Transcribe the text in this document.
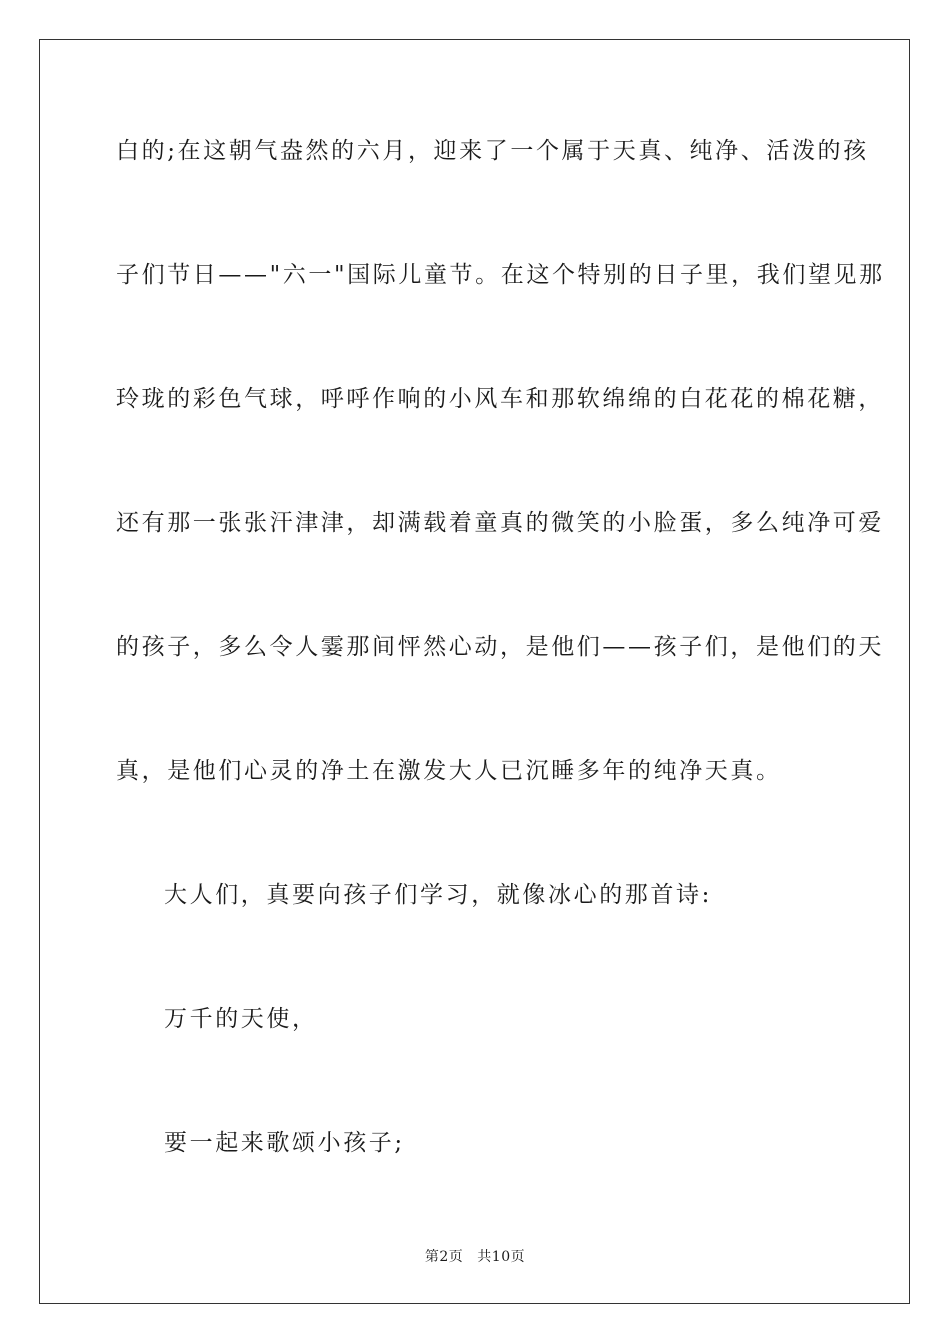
白的;在这朝气盎然的六月，迎来了一个属于天真、纯净、活泼的孩
子们节日——"六一"国际儿童节。在这个特别的日子里，我们望见那
玲珑的彩色气球，呼呼作响的小风车和那软绵绵的白花花的棉花糖，
还有那一张张汗津津，却满载着童真的微笑的小脸蛋，多么纯净可爱
的孩子，多么令人霎那间怦然心动，是他们——孩子们，是他们的天
真，是他们心灵的净土在激发大人已沉睡多年的纯净天真。
大人们，真要向孩子们学习，就像冰心的那首诗:
万千的天使，
要一起来歌颂小孩子;
第2页 共10页
